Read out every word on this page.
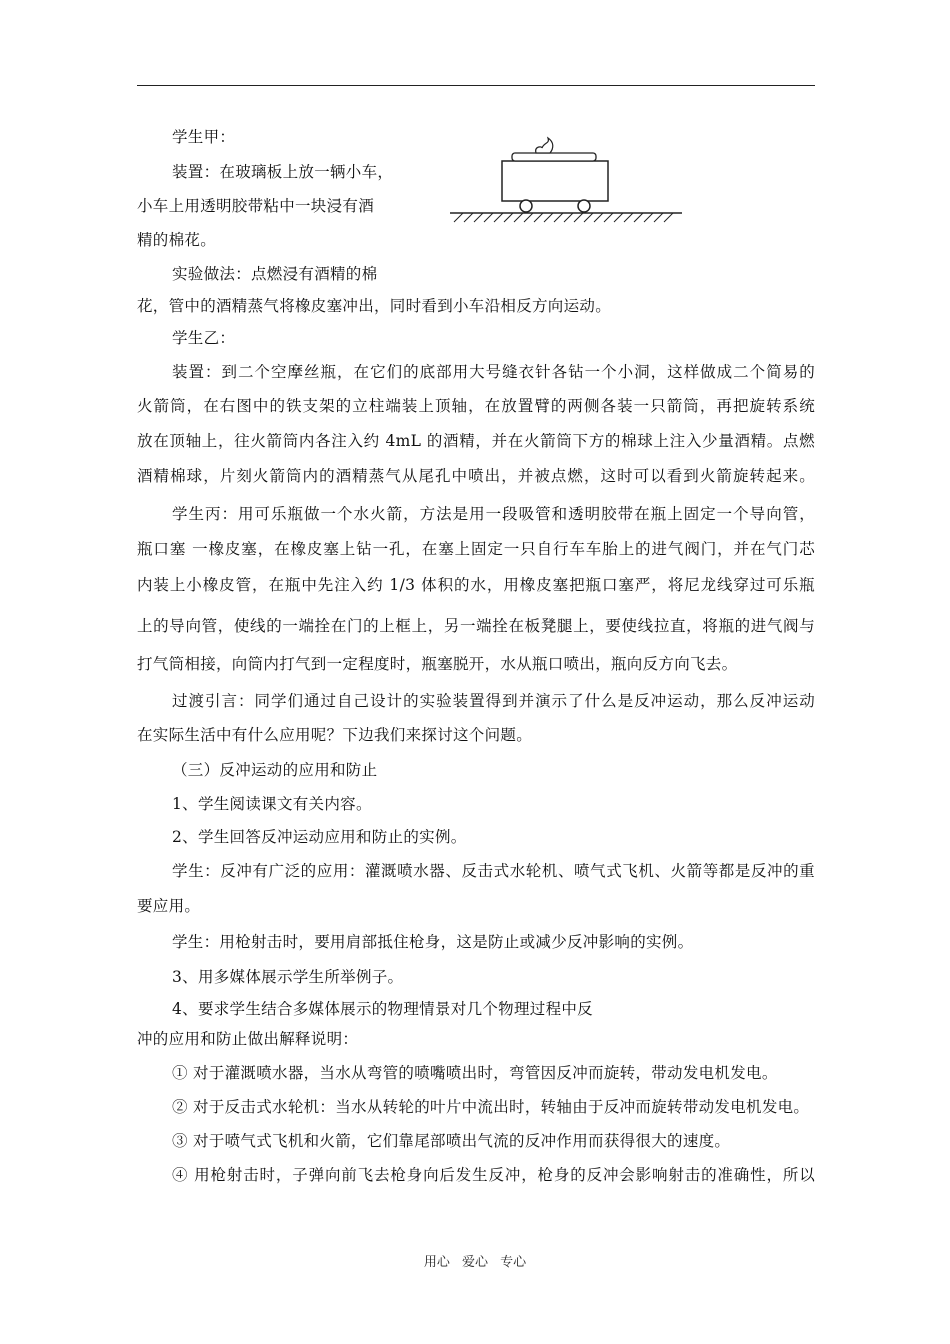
学生甲：
装置：在玻璃板上放一辆小车，
小车上用透明胶带粘中一块浸有酒
精的棉花。
实验做法：点燃浸有酒精的棉
花，管中的酒精蒸气将橡皮塞冲出，同时看到小车沿相反方向运动。
学生乙：
装置：到二个空摩丝瓶，在它们的底部用大号缝衣针各钻一个小洞，这样做成二个简易的
火箭筒，在右图中的铁支架的立柱端装上顶轴，在放置臂的两侧各装一只箭筒，再把旋转系统
放在顶轴上，往火箭筒内各注入约 4mL 的酒精，并在火箭筒下方的棉球上注入少量酒精。点燃
酒精棉球，片刻火箭筒内的酒精蒸气从尾孔中喷出，并被点燃，这时可以看到火箭旋转起来。
学生丙：用可乐瓶做一个水火箭，方法是用一段吸管和透明胶带在瓶上固定一个导向管，
瓶口塞 一橡皮塞，在橡皮塞上钻一孔，在塞上固定一只自行车车胎上的进气阀门，并在气门芯
内装上小橡皮管，在瓶中先注入约 1/3 体积的水，用橡皮塞把瓶口塞严，将尼龙线穿过可乐瓶
上的导向管，使线的一端拴在门的上框上，另一端拴在板凳腿上，要使线拉直，将瓶的进气阀与
打气筒相接，向筒内打气到一定程度时，瓶塞脱开，水从瓶口喷出，瓶向反方向飞去。
过渡引言：同学们通过自己设计的实验装置得到并演示了什么是反冲运动，那么反冲运动
在实际生活中有什么应用呢？下边我们来探讨这个问题。
（三）反冲运动的应用和防止
1、学生阅读课文有关内容。
2、学生回答反冲运动应用和防止的实例。
学生：反冲有广泛的应用：灌溉喷水器、反击式水轮机、喷气式飞机、火箭等都是反冲的重
要应用。
学生：用枪射击时，要用肩部抵住枪身，这是防止或减少反冲影响的实例。
3、用多媒体展示学生所举例子。
4、要求学生结合多媒体展示的物理情景对几个物理过程中反
冲的应用和防止做出解释说明：
① 对于灌溉喷水器，当水从弯管的喷嘴喷出时，弯管因反冲而旋转，带动发电机发电。
② 对于反击式水轮机：当水从转轮的叶片中流出时，转轴由于反冲而旋转带动发电机发电。
③ 对于喷气式飞机和火箭，它们靠尾部喷出气流的反冲作用而获得很大的速度。
④ 用枪射击时，子弹向前飞去枪身向后发生反冲，枪身的反冲会影响射击的准确性，所以
用心 爱心 专心
